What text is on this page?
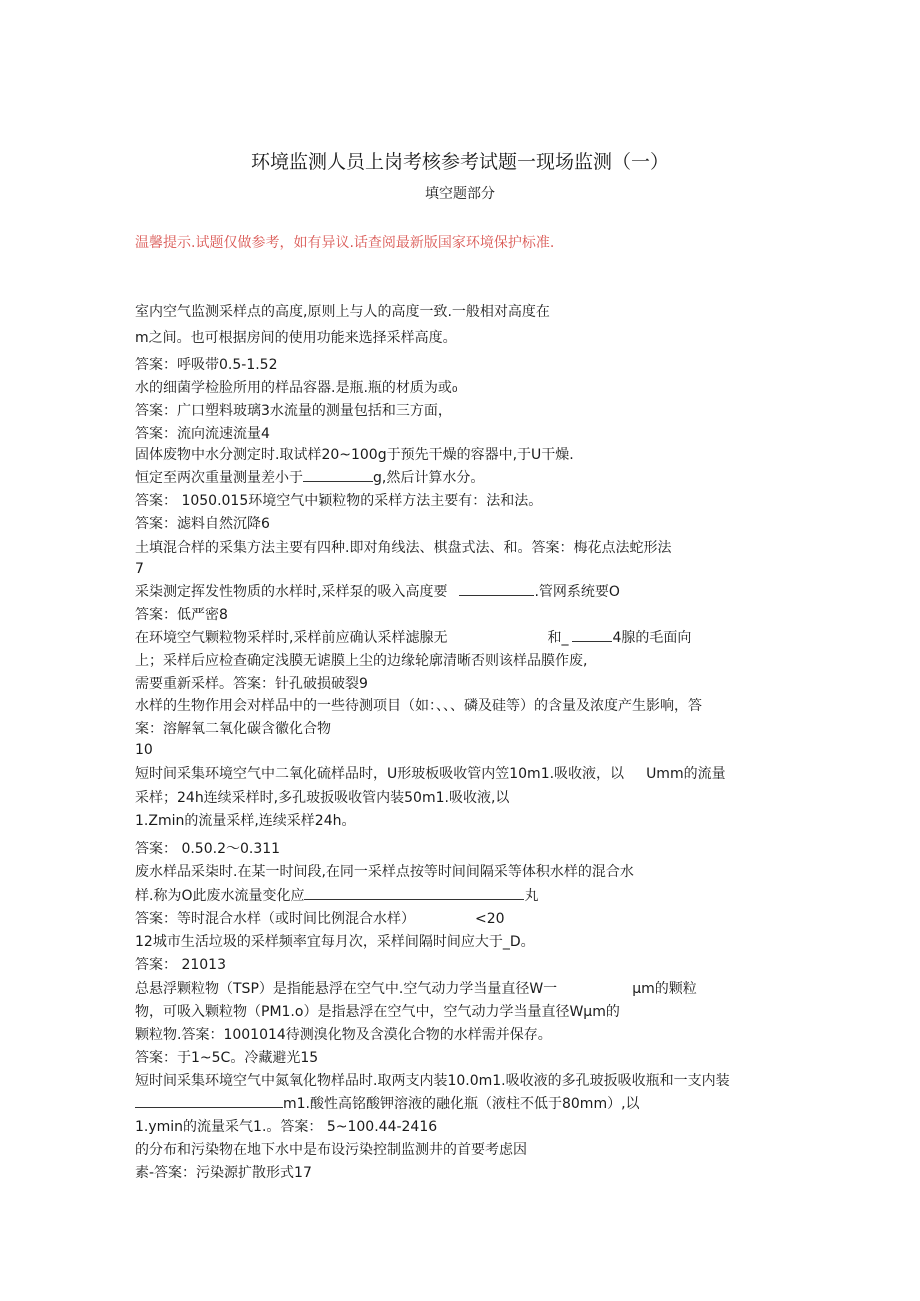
环境监测人员上岗考核参考试题一现场监测（一）
填空题部分
温馨提示.试题仅做参考，如有异议.话查阅最新版国家环境保护标准.
室内空气监测采样点的高度,原则上与人的高度一致.一般相对高度在
m之间。也可根据房间的使用功能来选择采样高度。
答案：呼吸带0.5-1.52
水的细菌学检脸所用的样品容器.是瓶.瓶的材质为或₀
答案：广口塑料玻璃3水流量的测量包括和三方面，
答案：流向流速流量4
固体废物中水分测定时.取试样20~100g于预先干燥的容器中,于U干燥.
恒定至两次重量测量差小于	g,然后计算水分。
答案： 1050.015环境空气中颖粒物的采样方法主要有：法和法。
答案：滤料自然沉降6
土填混合样的采集方法主要有四种.即对角线法、棋盘式法、和。答案：梅花点法蛇形法
7
采柒测定挥发性物质的水样时,采样泵的吸入高度要	.管网系统要O
答案：低严密8
在环境空气颗粒物采样时,采样前应确认采样滤腺无	和_	4腺的毛面向
上；采样后应检查确定浅膜无谑膜上尘的边缘轮廓清晰否则该样品膜作废,
需要重新采样。答案：针孔破损破裂9
水样的生物作用会对样品中的一些待测项目（如：、、、磷及硅等）的含量及浓度产生影响，答
案：溶解氧二氧化碳含徽化合物
10
短时间采集环境空气中二氧化硫样品时，U形玻板吸收管内笠10m1.吸收液，以 Umm的流量
采样；24h连续采样时,多孔玻扳吸收管内装50m1.吸收液,以
1.Zmin的流量采样,连续采样24h。
答案： 0.50.2～0.311
废水样品采柒时.在某一时间段,在同一采样点按等时间间隔采等体积水样的混合水
样.称为O此废水流量变化应	丸
答案：等时混合水样（或时间比例混合水样）	<20
12城市生活垃圾的采样频率宜每月次，采样间隔时间应大于_D。
答案： 21013
总悬浮颗粒物（TSP）是指能悬浮在空气中.空气动力学当量直径W一	μm的颗粒
物，可吸入颗粒物（PM1.o）是指悬浮在空气中，空气动力学当量直径Wμm的
颗粒物.答案：1001014待测溴化物及含漠化合物的水样需并保存。
答案：于1~5C。冷藏避光15
短时间采集环境空气中氮氧化物样品时.取两支内装10.0m1.吸收液的多孔玻扳吸收瓶和一支内装
m1.酸性高铭酸钾溶液的融化瓶（液柱不低于80mm）,以
1.ymin的流量采气1.。答案： 5~100.44-2416
的分布和污染物在地下水中是布设污染控制监测井的首要考虑因
素-答案：污染源扩散形式17
